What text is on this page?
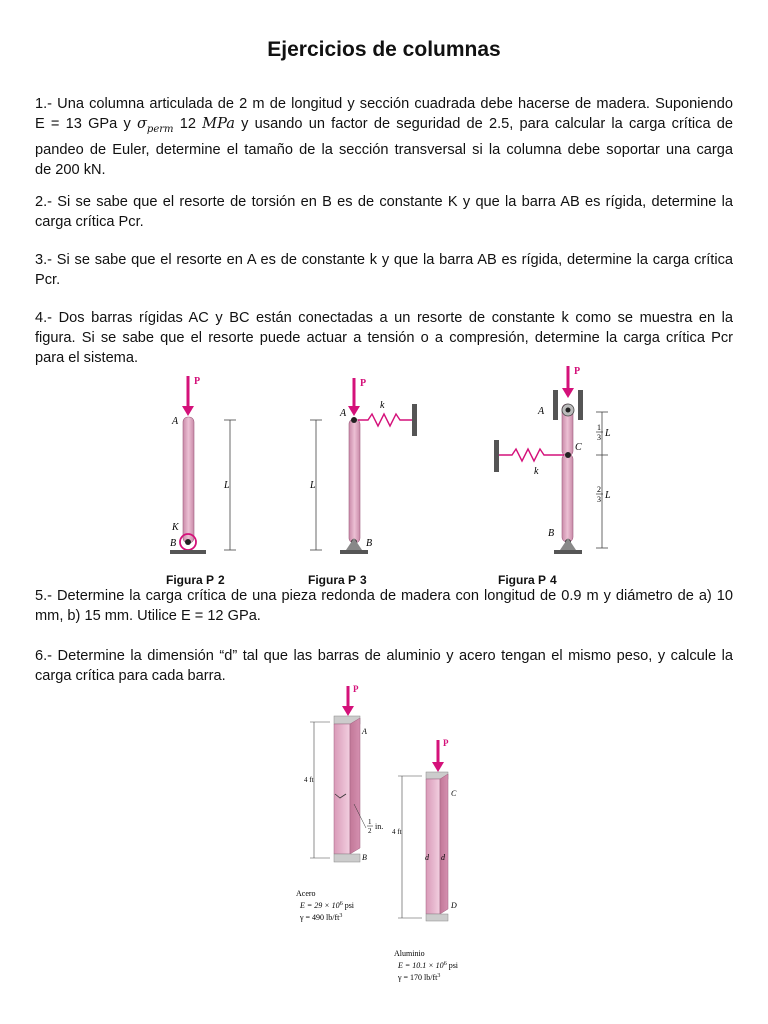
Ejercicios de columnas
1.- Una columna articulada de 2 m de longitud y sección cuadrada debe hacerse de madera. Suponiendo
E = 13 GPa y $\sigma_{perm}$ 12 MPa y usando un factor de seguridad de 2.5, para calcular la carga crítica de
pandeo de Euler, determine el tamaño de la sección transversal si la columna debe soportar una carga
de 200 kN.
2.- Si se sabe que el resorte de torsión en B es de constante K y que la barra AB es rígida, determine la
carga crítica Pcr.
3.- Si se sabe que el resorte en A es de constante k y que la barra AB es rígida, determine la carga crítica
Pcr.
4.- Dos barras rígidas AC y BC están conectadas a un resorte de constante k como se muestra en la
figura. Si se sabe que el resorte puede actuar a tensión o a compresión, determine la carga crítica Pcr
para el sistema.
P
A
K
B
L
Figura P 2
P
A
k
B
L
Figura P 3
P
A
C
k
B
1
3 L
2
3 L
Figura P 4
5.- Determine la carga crítica de una pieza redonda de madera con longitud de 0.9 m y diámetro de a) 10
mm, b) 15 mm. Utilice E = 12 GPa.
6.- Determine la dimensión “d” tal que las barras de aluminio y acero tengan el mismo peso, y calcule la
carga crítica para cada barra.
P
A
1
2 in.
B
4 ft
Acero
$E = 29 \times 10^6$ psi
γ = 490 $lb/ft^3$
P
C
d d
D
4 ft
Aluminio
$E = 10.1 \times 10^6$ psi
γ = 170 $lb/ft^3$
